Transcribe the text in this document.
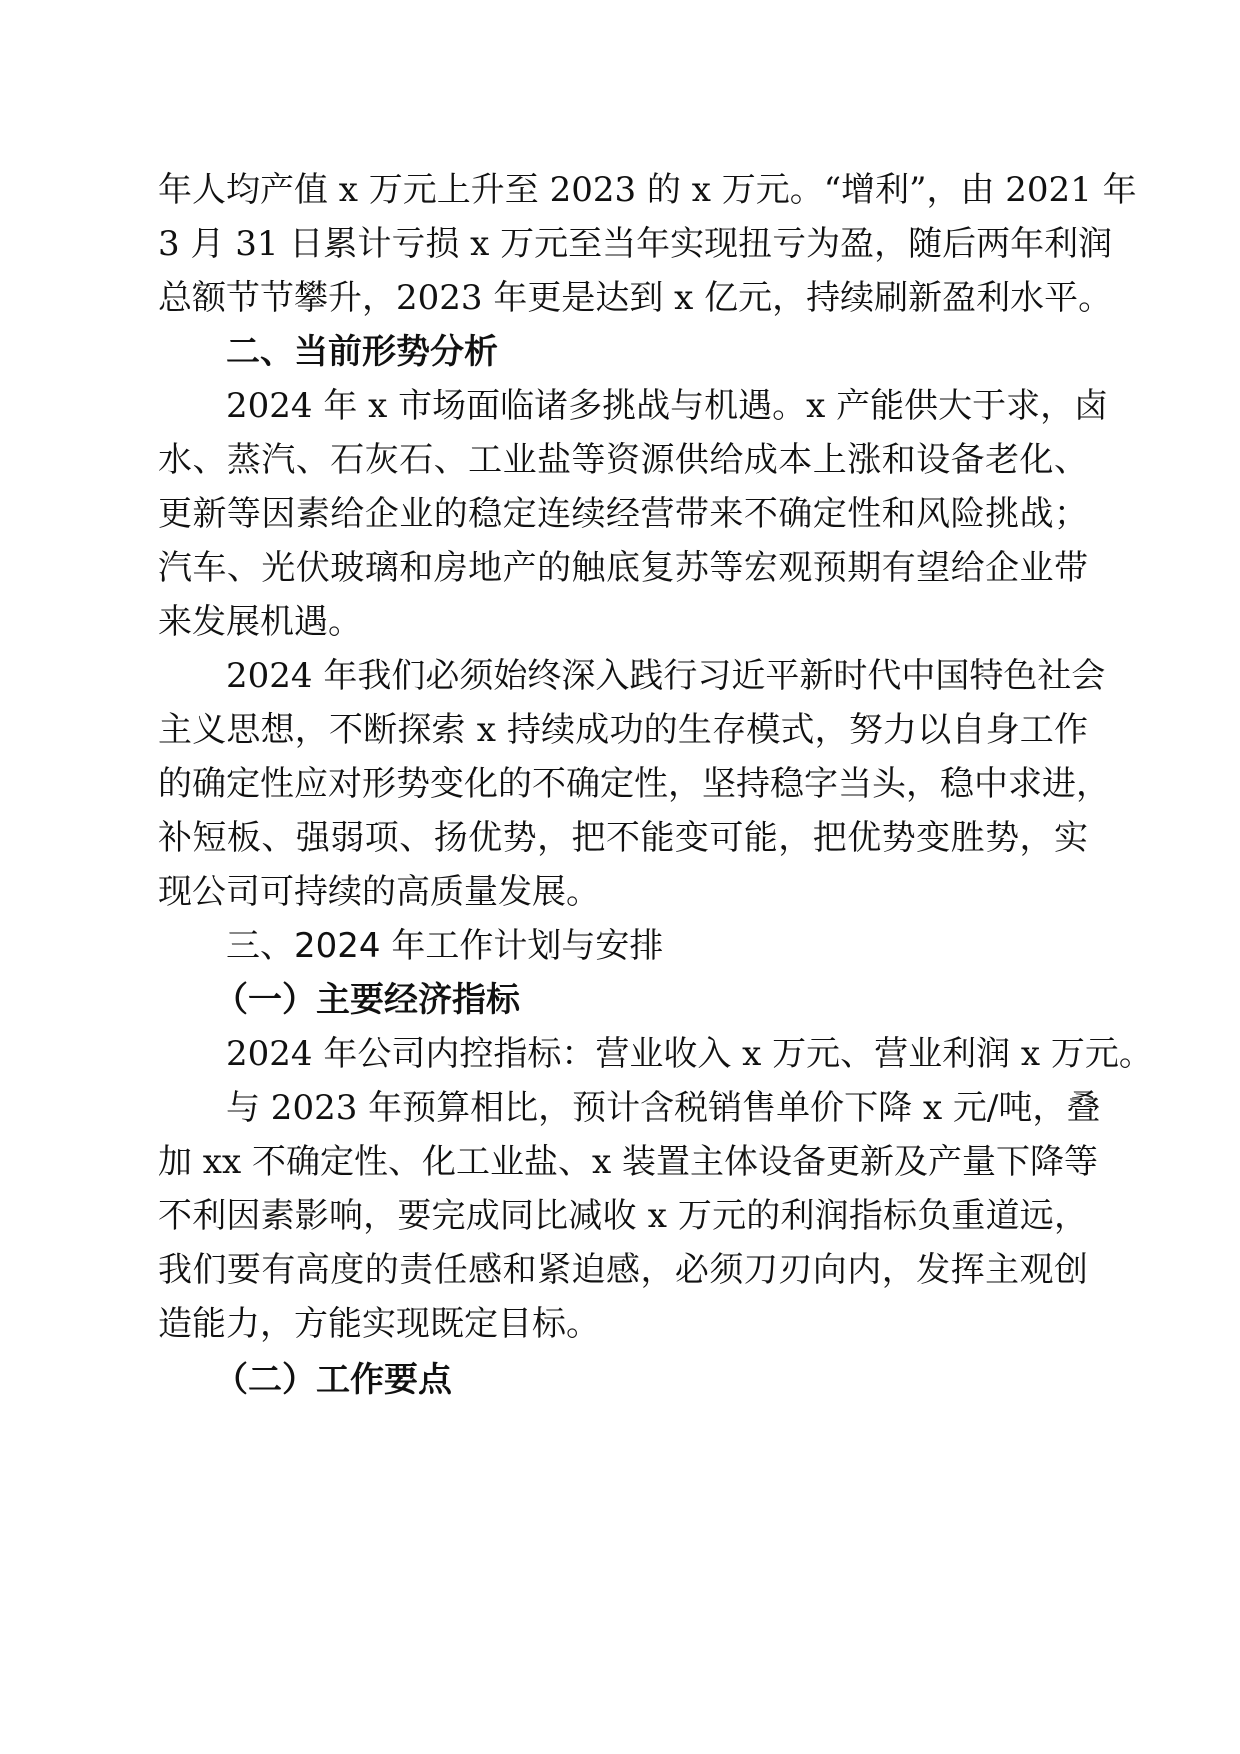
年人均产值 x 万元上升至 2023 的 x 万元。“增利”，由 2021 年
3 月 31 日累计亏损 x 万元至当年实现扭亏为盈，随后两年利润
总额节节攀升，2023 年更是达到 x 亿元，持续刷新盈利水平。
二、当前形势分析
2024 年 x 市场面临诸多挑战与机遇。x 产能供大于求，卤
水、蒸汽、石灰石、工业盐等资源供给成本上涨和设备老化、
更新等因素给企业的稳定连续经营带来不确定性和风险挑战；
汽车、光伏玻璃和房地产的触底复苏等宏观预期有望给企业带
来发展机遇。
2024 年我们必须始终深入践行习近平新时代中国特色社会
主义思想，不断探索 x 持续成功的生存模式，努力以自身工作
的确定性应对形势变化的不确定性，坚持稳字当头，稳中求进，
补短板、强弱项、扬优势，把不能变可能，把优势变胜势，实
现公司可持续的高质量发展。
三、2024 年工作计划与安排
（一）主要经济指标
2024 年公司内控指标：营业收入 x 万元、营业利润 x 万元。
与 2023 年预算相比，预计含税销售单价下降 x 元/吨，叠
加 xx 不确定性、化工业盐、x 装置主体设备更新及产量下降等
不利因素影响，要完成同比减收 x 万元的利润指标负重道远，
我们要有高度的责任感和紧迫感，必须刀刃向内，发挥主观创
造能力，方能实现既定目标。
（二）工作要点
